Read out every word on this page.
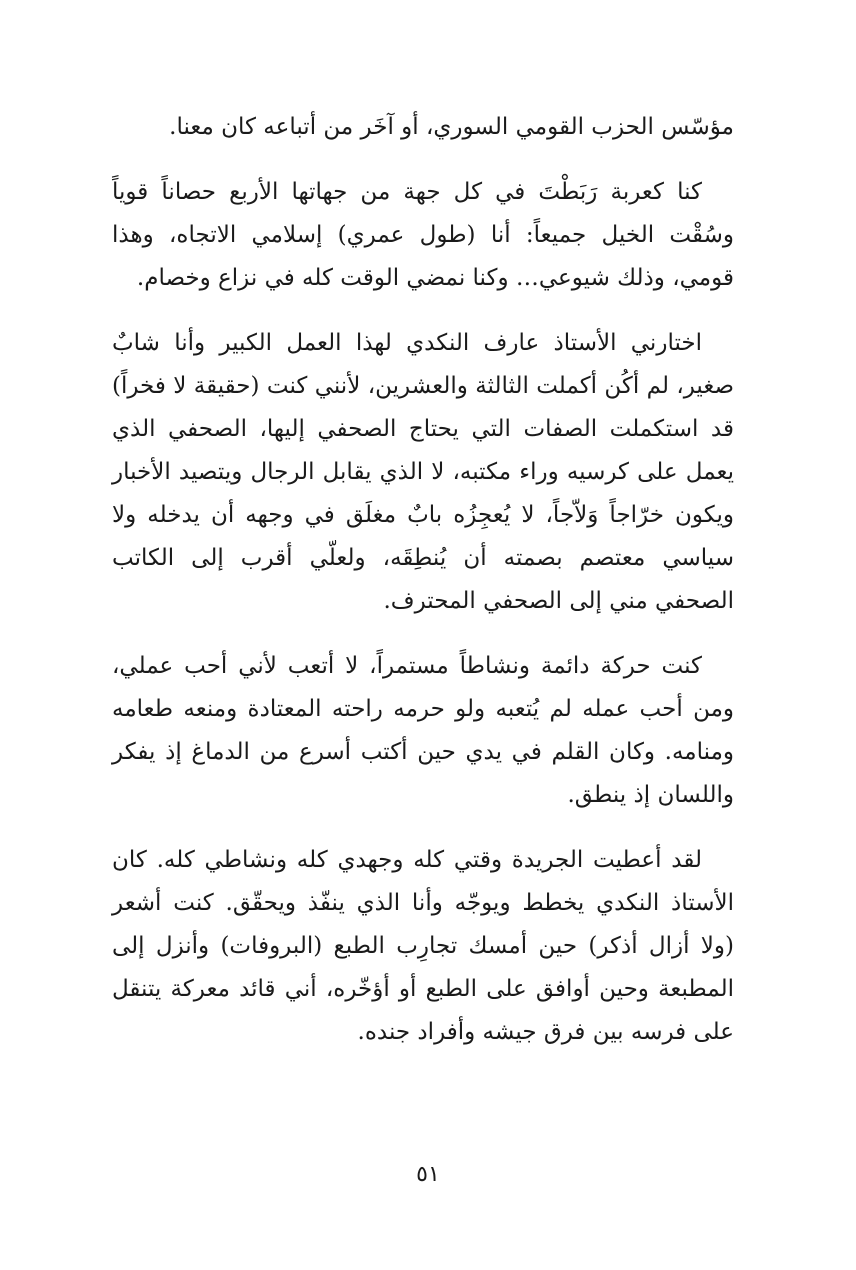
مؤسّس الحزب القومي السوري، أو آخَر من أتباعه كان معنا.

كنا كعربة رَبَطْتَ في كل جهة من جهاتها الأربع حصاناً قوياً وسُقْت الخيل جميعاً: أنا (طول عمري) إسلامي الاتجاه، وهذا قومي، وذلك شيوعي… وكنا نمضي الوقت كله في نزاع وخصام.

اختارني الأستاذ عارف النكدي لهذا العمل الكبير وأنا شابٌ صغير، لم أكُن أكملت الثالثة والعشرين، لأنني كنت (حقيقة لا فخراً) قد استكملت الصفات التي يحتاج الصحفي إليها، الصحفي الذي يعمل على كرسيه وراء مكتبه، لا الذي يقابل الرجال ويتصيد الأخبار ويكون خرّاجاً وَلاّجاً، لا يُعجِزُه بابٌ مغلَق في وجهه أن يدخله ولا سياسي معتصم بصمته أن يُنطِقَه، ولعلّي أقرب إلى الكاتب الصحفي مني إلى الصحفي المحترف.

كنت حركة دائمة ونشاطاً مستمراً، لا أتعب لأني أحب عملي، ومن أحب عمله لم يُتعبه ولو حرمه راحته المعتادة ومنعه طعامه ومنامه. وكان القلم في يدي حين أكتب أسرع من الدماغ إذ يفكر واللسان إذ ينطق.

لقد أعطيت الجريدة وقتي كله وجهدي كله ونشاطي كله. كان الأستاذ النكدي يخطط ويوجّه وأنا الذي ينفّذ ويحقّق. كنت أشعر (ولا أزال أذكر) حين أمسك تجارِب الطبع (البروفات) وأنزل إلى المطبعة وحين أوافق على الطبع أو أؤخّره، أني قائد معركة يتنقل على فرسه بين فرق جيشه وأفراد جنده.

٥١
